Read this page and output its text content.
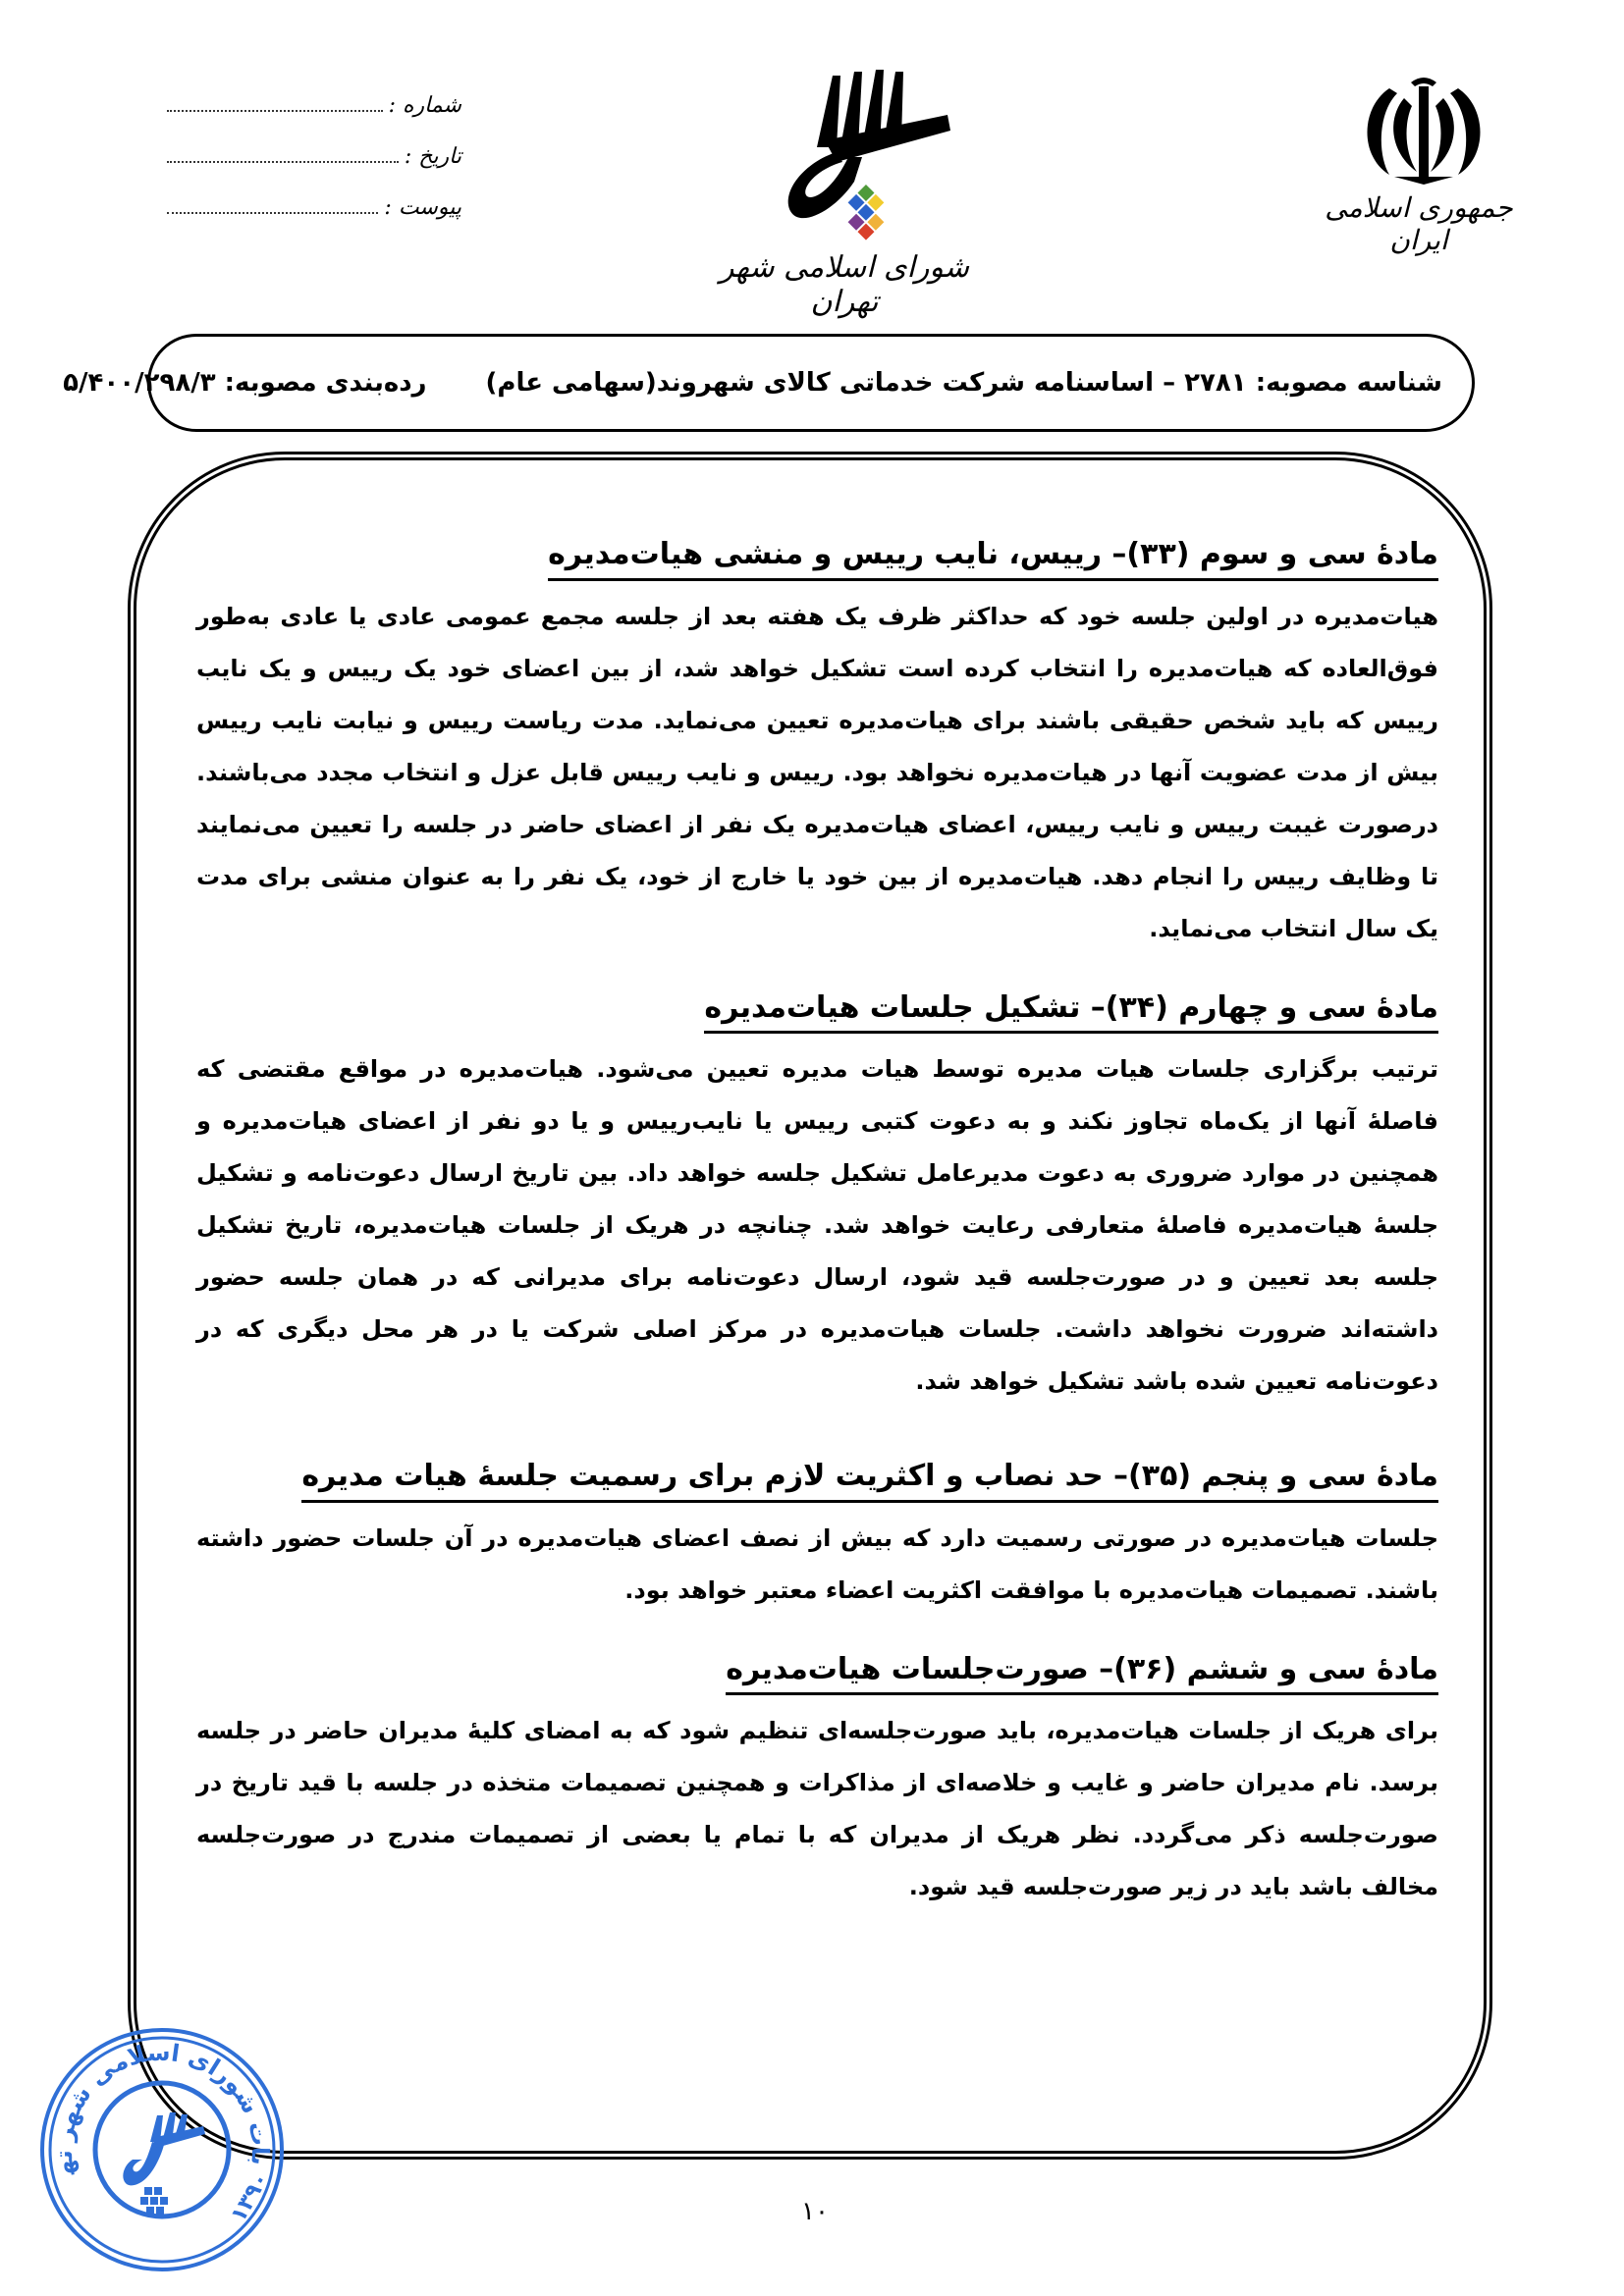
شماره :
تاریخ :
پیوست :
شورای اسلامی شهر تهران
جمهوری اسلامی ایران
شناسه مصوبه: ۲۷۸۱ – اساسنامه شرکت خدماتی کالای شهروند(سهامی عام)
رده‌بندی مصوبه: ۵/۴۰۰/۲۹۸/۳
مادۀ سی و سوم (۳۳)– رییس، نایب رییس و منشی هیات‌مدیره
هیات‌مدیره در اولین جلسه خود که حداکثر ظرف یک هفته بعد از جلسه مجمع عمومی عادی یا عادی به‌طور فوق‌العاده که هیات‌مدیره را انتخاب کرده است تشکیل خواهد شد، از بین اعضای خود یک رییس و یک نایب رییس که باید شخص حقیقی باشند برای هیات‌مدیره تعیین می‌نماید. مدت ریاست رییس و نیابت نایب رییس بیش از مدت عضویت آنها در هیات‌مدیره نخواهد بود. رییس و نایب رییس قابل عزل و انتخاب مجدد می‌باشند. درصورت غیبت رییس و نایب رییس، اعضای هیات‌مدیره یک نفر از اعضای حاضر در جلسه را تعیین می‌نمایند تا وظایف رییس را انجام دهد. هیات‌مدیره از بین خود یا خارج از خود، یک نفر را به عنوان منشی برای مدت یک سال انتخاب می‌نماید.
مادۀ سی و چهارم (۳۴)– تشکیل جلسات هیات‌مدیره
ترتیب برگزاری جلسات هیات مدیره توسط هیات مدیره تعیین می‌شود. هیات‌مدیره در مواقع مقتضی که فاصلۀ آنها از یک‌ماه تجاوز نکند و به دعوت کتبی رییس یا نایب‌رییس و یا دو نفر از اعضای هیات‌مدیره و همچنین در موارد ضروری به دعوت مدیرعامل تشکیل جلسه خواهد داد. بین تاریخ ارسال دعوت‌نامه و تشکیل جلسۀ هیات‌مدیره فاصلۀ متعارفی رعایت خواهد شد. چنانچه در هریک از جلسات هیات‌مدیره، تاریخ تشکیل جلسه بعد تعیین و در صورت‌جلسه قید شود، ارسال دعوت‌نامه برای مدیرانی که در همان جلسه حضور داشته‌اند ضرورت نخواهد داشت. جلسات هیات‌مدیره در مرکز اصلی شرکت یا در هر محل دیگری که در دعوت‌نامه تعیین شده باشد تشکیل خواهد شد.
مادۀ سی و پنجم (۳۵)– حد نصاب و اکثریت لازم برای رسمیت جلسۀ هیات مدیره
جلسات هیات‌مدیره در صورتی رسمیت دارد که بیش از نصف اعضای هیات‌مدیره در آن جلسات حضور داشته باشند. تصمیمات هیات‌مدیره با موافقت اکثریت اعضاء معتبر خواهد بود.
مادۀ سی و ششم (۳۶)– صورت‌جلسات هیات‌مدیره
برای هریک از جلسات هیات‌مدیره، باید صورت‌جلسه‌ای تنظیم شود که به امضای کلیۀ مدیران حاضر در جلسه برسد. نام مدیران حاضر و غایب و خلاصه‌ای از مذاکرات و همچنین تصمیمات متخذه در جلسه با قید تاریخ در صورت‌جلسه ذکر می‌گردد. نظر هریک از مدیران که با تمام یا بعضی از تصمیمات مندرج در صورت‌جلسه مخالف باشد باید در زیر صورت‌جلسه قید شود.
بات شورای اسلامی شهر ته
۱۳۹۰	۱۰
